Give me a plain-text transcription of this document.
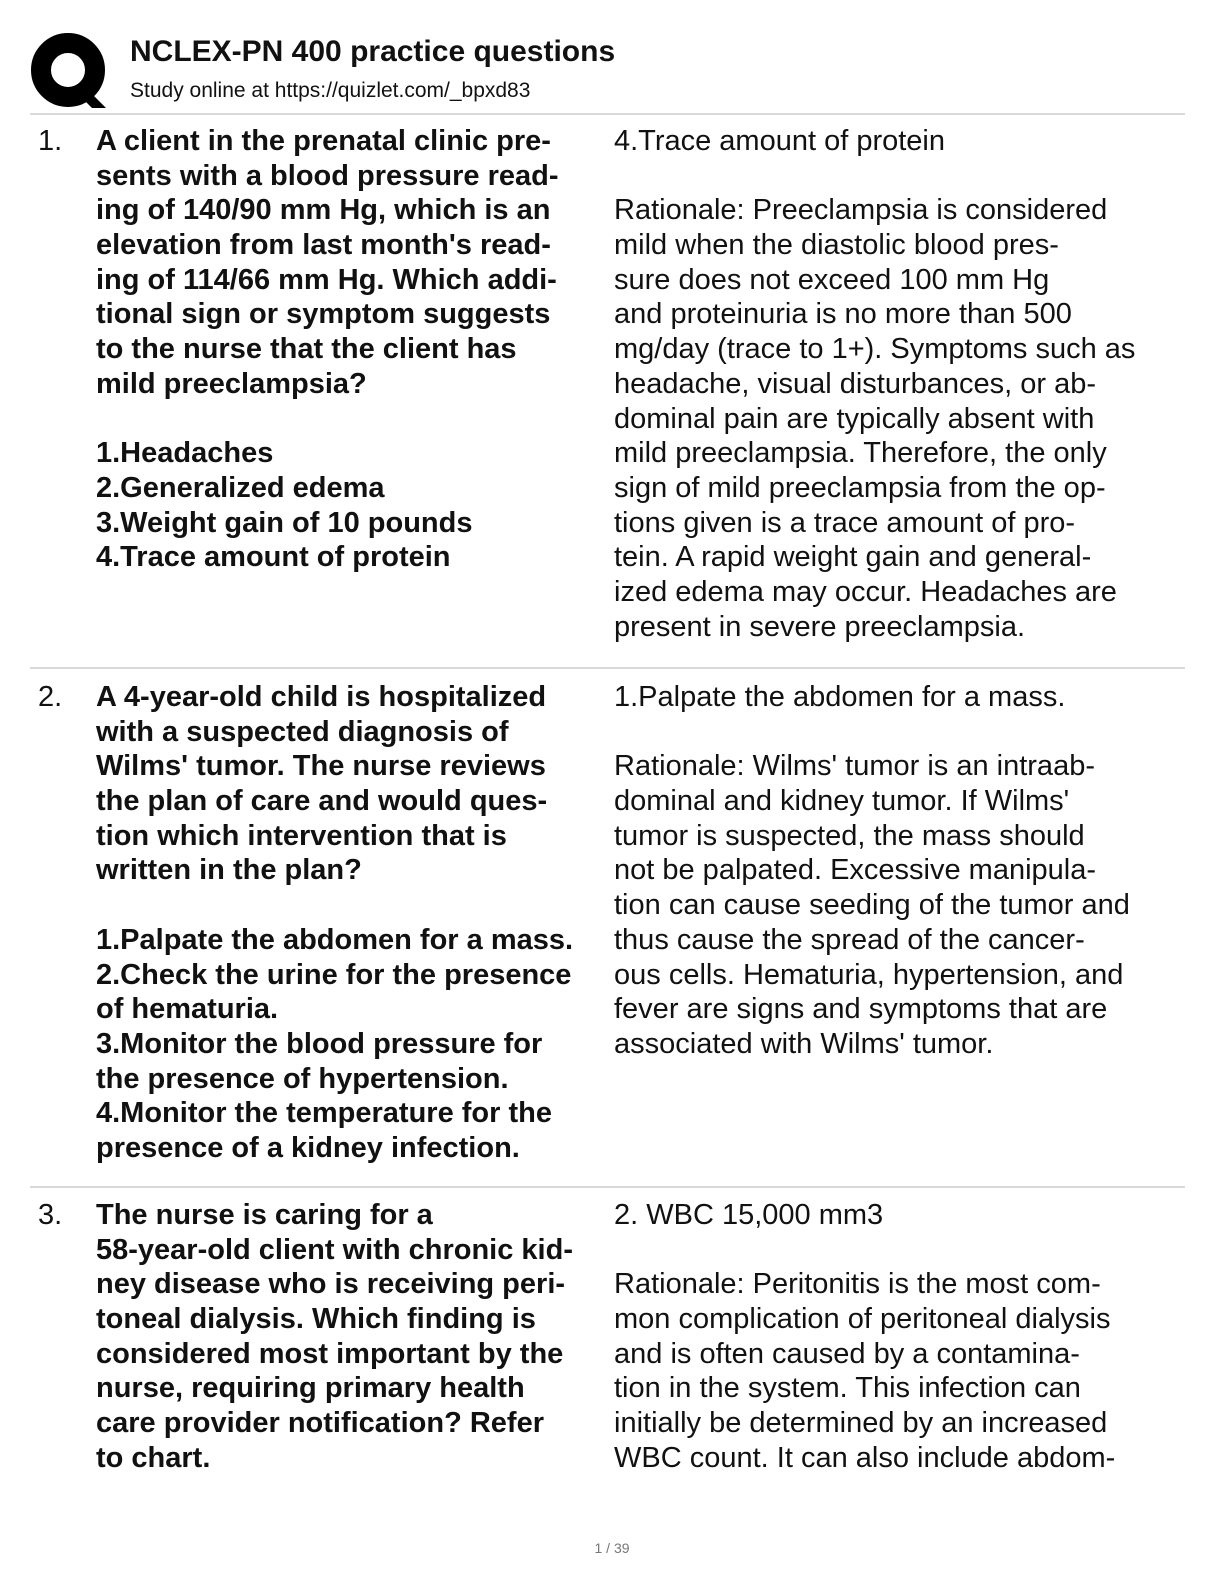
NCLEX-PN 400 practice questions
Study online at https://quizlet.com/_bpxd83
1. A client in the prenatal clinic pre-
sents with a blood pressure read-
ing of 140/90 mm Hg, which is an
elevation from last month's read-
ing of 114/66 mm Hg. Which addi-
tional sign or symptom suggests
to the nurse that the client has
mild preeclampsia?
1.Headaches
2.Generalized edema
3.Weight gain of 10 pounds
4.Trace amount of protein
4.Trace amount of protein
Rationale: Preeclampsia is considered
mild when the diastolic blood pres-
sure does not exceed 100 mm Hg
and proteinuria is no more than 500
mg/day (trace to 1+). Symptoms such as
headache, visual disturbances, or ab-
dominal pain are typically absent with
mild preeclampsia. Therefore, the only
sign of mild preeclampsia from the op-
tions given is a trace amount of pro-
tein. A rapid weight gain and general-
ized edema may occur. Headaches are
present in severe preeclampsia.
2. A 4-year-old child is hospitalized
with a suspected diagnosis of
Wilms' tumor. The nurse reviews
the plan of care and would ques-
tion which intervention that is
written in the plan?
1.Palpate the abdomen for a mass.
2.Check the urine for the presence
of hematuria.
3.Monitor the blood pressure for
the presence of hypertension.
4.Monitor the temperature for the
presence of a kidney infection.
1.Palpate the abdomen for a mass.
Rationale: Wilms' tumor is an intraab-
dominal and kidney tumor. If Wilms'
tumor is suspected, the mass should
not be palpated. Excessive manipula-
tion can cause seeding of the tumor and
thus cause the spread of the cancer-
ous cells. Hematuria, hypertension, and
fever are signs and symptoms that are
associated with Wilms' tumor.
3. The nurse is caring for a
58-year-old client with chronic kid-
ney disease who is receiving peri-
toneal dialysis. Which finding is
considered most important by the
nurse, requiring primary health
care provider notification? Refer
to chart.
2. WBC 15,000 mm3
Rationale: Peritonitis is the most com-
mon complication of peritoneal dialysis
and is often caused by a contamina-
tion in the system. This infection can
initially be determined by an increased
WBC count. It can also include abdom-
1 / 39
